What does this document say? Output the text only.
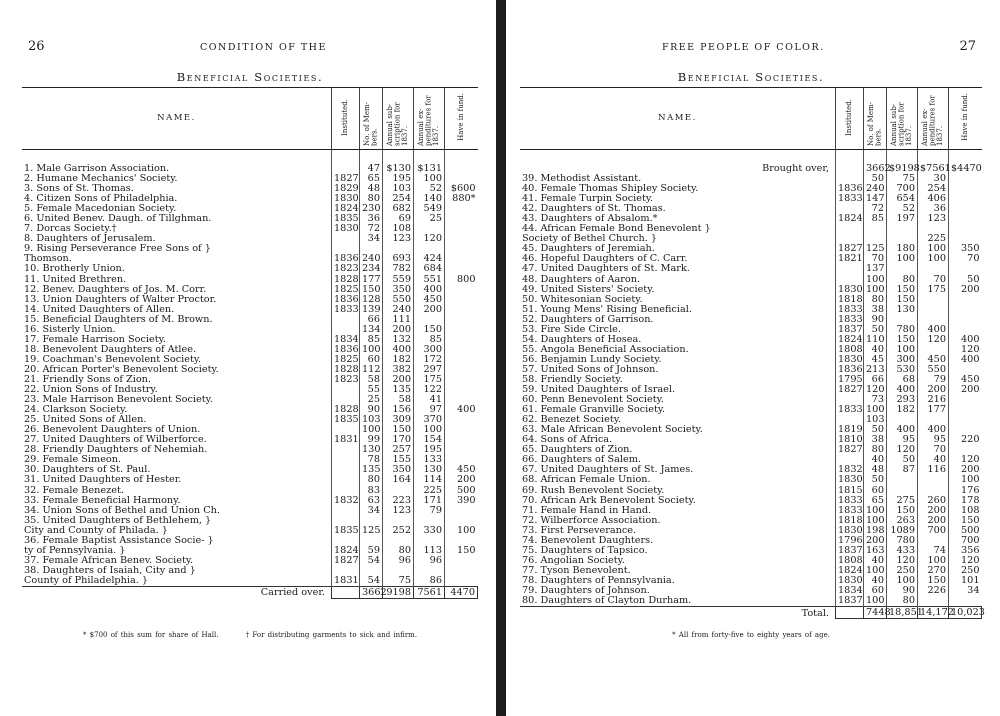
26	CONDITION OF THE
Beneficial Societies.
NAME.	Instituted.	No. of Mem-bers.	Annual sub-scription for 1837.	Annual ex-penditures for 1837.	Have in fund.
1. Male Garrison Association.		47	$130	$131	
2. Humane Mechanics' Society.	1827	65	195	100	
3. Sons of St. Thomas.	1829	48	103	52	$600
4. Citizen Sons of Philadelphia.	1830	80	254	140	880*
5. Female Macedonian Society.	1824	230	682	549	
6. United Benev. Daugh. of Tillghman.	1835	36	69	25	
7. Dorcas Society.†	1830	72	108		
8. Daughters of Jerusalem.		34	123	120	
9. Rising Perseverance Free Sons of }					
Thomson.	1836	240	693	424	
10. Brotherly Union.	1823	234	782	684	
11. United Brethren.	1828	177	559	551	800
12. Benev. Daughters of Jos. M. Corr.	1825	150	350	400	
13. Union Daughters of Walter Proctor.	1836	128	550	450	
14. United Daughters of Allen.	1833	139	240	200	
15. Beneficial Daughters of M. Brown.		66	111		
16. Sisterly Union.		134	200	150	
17. Female Harrison Society.	1834	85	132	85	
18. Benevolent Daughters of Atlee.	1836	100	400	300	
19. Coachman's Benevolent Society.	1825	60	182	172	
20. African Porter's Benevolent Society.	1828	112	382	297	
21. Friendly Sons of Zion.	1823	58	200	175	
22. Union Sons of Industry.		55	135	122	
23. Male Harrison Benevolent Society.		25	58	41	
24. Clarkson Society.	1828	90	156	97	400
25. United Sons of Allen.	1835	103	309	370	
26. Benevolent Daughters of Union.		100	150	100	
27. United Daughters of Wilberforce.	1831	99	170	154	
28. Friendly Daughters of Nehemiah.		130	257	195	
29. Female Simeon.		78	155	133	
30. Daughters of St. Paul.		135	350	130	450
31. United Daughters of Hester.		80	164	114	200
32. Female Benezet.		83		225	500
33. Female Beneficial Harmony.	1832	63	223	171	390
34. Union Sons of Bethel and Union Ch.		34	123	79	
35. United Daughters of Bethlehem, }					
City and County of Philada. }	1835	125	252	330	100
36. Female Baptist Assistance Socie- }					
ty of Pennsylvania. }	1824	59	80	113	150
37. Female African Benev. Society.	1827	54	96	96	
38. Daughters of Isaiah, City and }					
County of Philadelphia. }	1831	54	75	86	
Carried over.		3662	9198	7561	4470
* $700 of this sum for share of Hall.	† For distributing garments to sick and infirm.
FREE PEOPLE OF COLOR.	27
Beneficial Societies.
NAME.	Instituted.	No. of Mem-bers.	Annual sub-scription for 1837.	Annual ex-penditures for 1837.	Have in fund.
Brought over,		3662	$9198	$7561	$4470
39. Methodist Assistant.		50	75	30	
40. Female Thomas Shipley Society.	1836	240	700	254	
41. Female Turpin Society.	1833	147	654	406	
42. Daughters of St. Thomas.		72	52	36	
43. Daughters of Absalom.*	1824	85	197	123	
44. African Female Bond Benevolent }					
Society of Bethel Church. }				225	
45. Daughters of Jeremiah.	1827	125	180	100	350
46. Hopeful Daughters of C. Carr.	1821	70	100	100	70
47. United Daughters of St. Mark.		137			
48. Daughters of Aaron.		100	80	70	50
49. United Sisters' Society.	1830	100	150	175	200
50. Whitesonian Society.	1818	80	150		
51. Young Mens' Rising Beneficial.	1833	38	130		
52. Daughters of Garrison.	1833	90			
53. Fire Side Circle.	1837	50	780	400	
54. Daughters of Hosea.	1824	110	150	120	400
55. Angola Beneficial Association.	1808	40	100		120
56. Benjamin Lundy Society.	1830	45	300	450	400
57. United Sons of Johnson.	1836	213	530	550	
58. Friendly Society.	1795	66	68	79	450
59. United Daughters of Israel.	1827	120	400	200	200
60. Penn Benevolent Society.		73	293	216	
61. Female Granville Society.	1833	100	182	177	
62. Benezet Society.		103			
63. Male African Benevolent Society.	1819	50	400	400	
64. Sons of Africa.	1810	38	95	95	220
65. Daughters of Zion.	1827	80	120	70	
66. Daughters of Salem.		40	50	40	120
67. United Daughters of St. James.	1832	48	87	116	200
68. African Female Union.	1830	50			100
69. Rush Benevolent Society.	1815	60			176
70. African Ark Benevolent Society.	1833	65	275	260	178
71. Female Hand in Hand.	1833	100	150	200	108
72. Wilberforce Association.	1818	100	263	200	150
73. First Perseverance.	1830	198	1089	700	500
74. Benevolent Daughters.	1796	200	780		700
75. Daughters of Tapsico.	1837	163	433	74	356
76. Angolian Society.	1808	40	120	100	120
77. Tyson Benevolent.	1824	100	250	270	250
78. Daughters of Pennsylvania.	1830	40	100	150	101
79. Daughters of Johnson.	1834	60	90	226	34
80. Daughters of Clayton Durham.	1837	100	80		
Total.		7448	18,851	14,172	10,023
* All from forty-five to eighty years of age.
